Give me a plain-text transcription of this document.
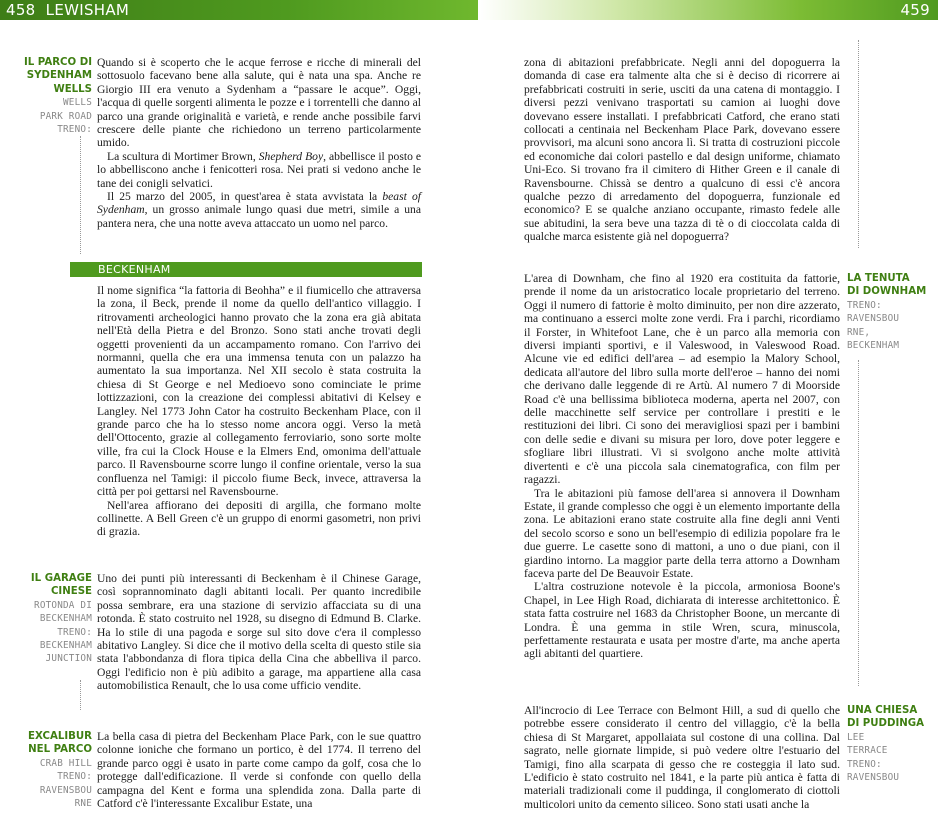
458 LEWISHAM	459
IL PARCO DI
SYDENHAM
WELLS
WELLS
PARK ROAD
TRENO:

Quando si è scoperto che le acque ferrose e ricche di minerali del sottosuolo facevano bene alla salute, qui è nata una spa. Anche re Giorgio III era venuto a Sydenham a “passare le acque”. Oggi, l'acqua di quelle sorgenti alimenta le pozze e i torrentelli che danno al parco una grande originalità e varietà, e rende anche possibile farvi crescere delle piante che richiedono un terreno particolarmente umido.

La scultura di Mortimer Brown, Shepherd Boy, abbellisce il posto e lo abbelliscono anche i fenicotteri rosa. Nei prati si vedono anche le tane dei conigli selvatici.

Il 25 marzo del 2005, in quest'area è stata avvistata la beast of Sydenham, un grosso animale lungo quasi due metri, simile a una pantera nera, che una notte aveva attaccato un uomo nel parco.

BECKENHAM

Il nome significa “la fattoria di Beohha” e il fiumicello che attraversa la zona, il Beck, prende il nome da quello dell'antico villaggio. I ritrovamenti archeologici hanno provato che la zona era già abitata nell'Età della Pietra e del Bronzo. Sono stati anche trovati degli oggetti provenienti da un accampamento romano. Con l'arrivo dei normanni, quella che era una immensa tenuta con un palazzo ha aumentato la sua importanza. Nel XII secolo è stata costruita la chiesa di St George e nel Medioevo sono cominciate le prime lottizzazioni, con la creazione dei complessi abitativi di Kelsey e Langley. Nel 1773 John Cator ha costruito Beckenham Place, con il grande parco che ha lo stesso nome ancora oggi. Verso la metà dell'Ottocento, grazie al collegamento ferroviario, sono sorte molte ville, fra cui la Clock House e la Elmers End, omonima dell'attuale parco. Il Ravensbourne scorre lungo il confine orientale, verso la sua confluenza nel Tamigi: il piccolo fiume Beck, invece, attraversa la città per poi gettarsi nel Ravensbourne.

Nell'area affiorano dei depositi di argilla, che formano molte collinette. A Bell Green c'è un gruppo di enormi gasometri, non privi di grazia.

IL GARAGE
CINESE
ROTONDA DI
BECKENHAM
TRENO:
BECKENHAM
JUNCTION

Uno dei punti più interessanti di Beckenham è il Chinese Garage, così soprannominato dagli abitanti locali. Per quanto incredibile possa sembrare, era una stazione di servizio affacciata su di una rotonda. È stato costruito nel 1928, su disegno di Edmund B. Clarke. Ha lo stile di una pagoda e sorge sul sito dove c'era il complesso abitativo Langley. Si dice che il motivo della scelta di questo stile sia stata l'abbondanza di flora tipica della Cina che abbelliva il parco. Oggi l'edificio non è più adibito a garage, ma appartiene alla casa automobilistica Renault, che lo usa come ufficio vendite.

EXCALIBUR
NEL PARCO
CRAB HILL
TRENO:
RAVENSBOU
RNE

La bella casa di pietra del Beckenham Place Park, con le sue quattro colonne ioniche che formano un portico, è del 1774. Il terreno del grande parco oggi è usato in parte come campo da golf, cosa che lo protegge dall'edificazione. Il verde si confonde con quello della campagna del Kent e forma una splendida zona. Dalla parte di Catford c'è l'interessante Excalibur Estate, una

zona di abitazioni prefabbricate. Negli anni del dopoguerra la domanda di case era talmente alta che si è deciso di ricorrere ai prefabbricati costruiti in serie, usciti da una catena di montaggio. I diversi pezzi venivano trasportati su camion ai luoghi dove dovevano essere installati. I prefabbricati Catford, che erano stati collocati a centinaia nel Beckenham Place Park, dovevano essere provvisori, ma alcuni sono ancora lì. Si tratta di costruzioni piccole ed economiche dai colori pastello e dal design uniforme, chiamato Uni-Eco. Si trovano fra il cimitero di Hither Green e il canale di Ravensbourne. Chissà se dentro a qualcuno di essi c'è ancora qualche pezzo di arredamento del dopoguerra, funzionale ed economico? E se qualche anziano occupante, rimasto fedele alle sue abitudini, la sera beve una tazza di tè o di cioccolata calda di qualche marca esistente già nel dopoguerra?

LA TENUTA
DI DOWNHAM
TRENO:
RAVENSBOU
RNE,
BECKENHAM

L'area di Downham, che fino al 1920 era costituita da fattorie, prende il nome da un aristocratico locale proprietario del terreno. Oggi il numero di fattorie è molto diminuito, per non dire azzerato, ma continuano a esserci molte zone verdi. Fra i parchi, ricordiamo il Forster, in Whitefoot Lane, che è un parco alla memoria con diversi impianti sportivi, e il Valeswood, in Valeswood Road. Alcune vie ed edifici dell'area – ad esempio la Malory School, dedicata all'autore del libro sulla morte dell'eroe – hanno dei nomi che derivano dalle leggende di re Artù. Al numero 7 di Moorside Road c'è una bellissima biblioteca moderna, aperta nel 2007, con delle macchinette self service per controllare i prestiti e le restituzioni dei libri. Ci sono dei meravigliosi spazi per i bambini con delle sedie e divani su misura per loro, dove poter leggere e sfogliare libri illustrati. Vi si svolgono anche molte attività divertenti e c'è una piccola sala cinematografica, con film per ragazzi.

Tra le abitazioni più famose dell'area si annovera il Downham Estate, il grande complesso che oggi è un elemento importante della zona. Le abitazioni erano state costruite alla fine degli anni Venti del secolo scorso e sono un bell'esempio di edilizia popolare fra le due guerre. Le casette sono di mattoni, a uno o due piani, con il giardino intorno. La maggior parte della terra attorno a Downham faceva parte del De Beauvoir Estate.

L'altra costruzione notevole è la piccola, armoniosa Boone's Chapel, in Lee High Road, dichiarata di interesse architettonico. È stata fatta costruire nel 1683 da Christopher Boone, un mercante di Londra. È una gemma in stile Wren, scura, minuscola, perfettamente restaurata e usata per mostre d'arte, ma anche aperta agli abitanti del quartiere.

UNA CHIESA
DI PUDDINGA
LEE
TERRACE
TRENO:
RAVENSBOU

All'incrocio di Lee Terrace con Belmont Hill, a sud di quello che potrebbe essere considerato il centro del villaggio, c'è la bella chiesa di St Margaret, appollaiata sul costone di una collina. Dal sagrato, nelle giornate limpide, si può vedere oltre l'estuario del Tamigi, fino alla scarpata di gesso che re costeggia il lato sud. L'edificio è stato costruito nel 1841, e la parte più antica è fatta di materiali tradizionali come il puddinga, il conglomerato di ciottoli multicolori unito da cemento siliceo. Sono stati usati anche la
